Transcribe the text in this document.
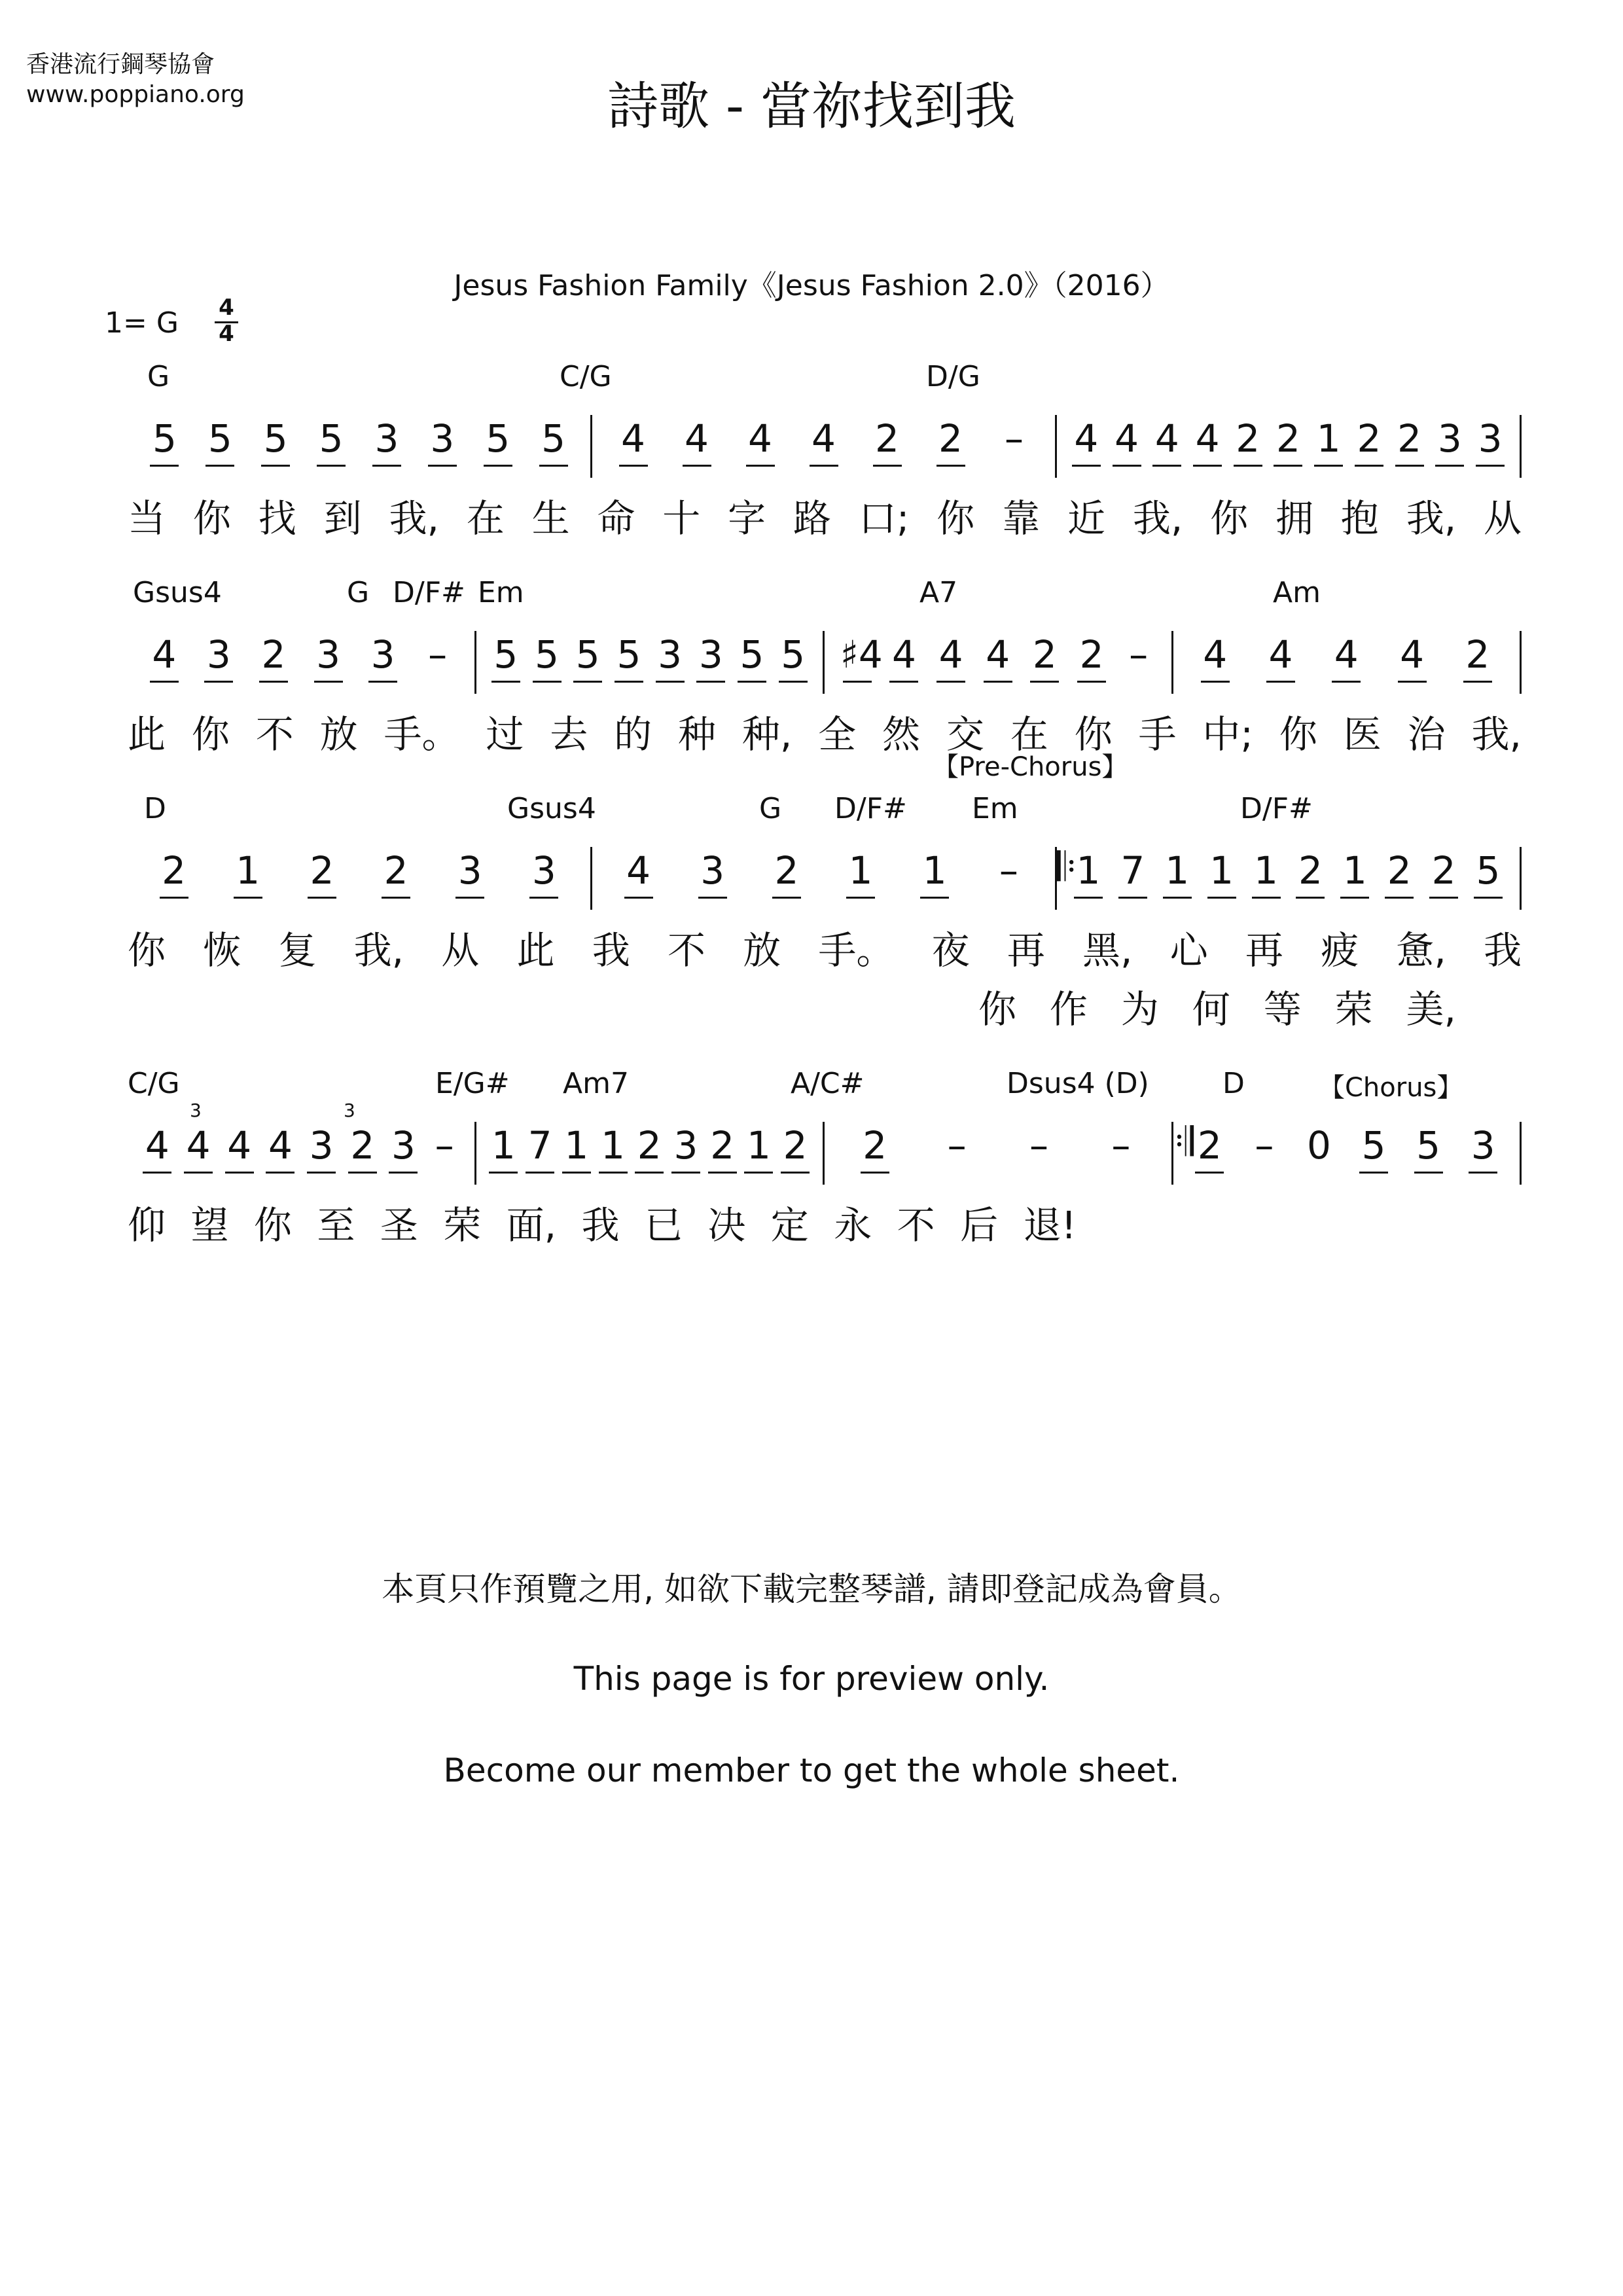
香港流行鋼琴協會
www.poppiano.org	詩歌 - 當祢找到我
Jesus Fashion Family《Jesus Fashion 2.0》（2016）
1= G 4
4
G	C/G	D/G
5 5 5 5 3 3 5 5 4 4 4 4 2 2 – 4 4 4 4 2 2 1 2 2 3 3
当 你 找 到 我, 在 生 命 十 字 路 口; 你 靠 近 我, 你 拥 抱 我, 从
Gsus4	G D/F# Em	A7	Am
4 3 2 3 3 – 5 5 5 5 3 3 5 5 ♯4 4 4 4 2 2 – 4 4 4 4 2
此 你 不 放 手。 过 去 的 种 种, 全 然 交 在 你 手 中; 你 医 治 我,
【Pre-Chorus】
D	Gsus4	G D/F# Em	D/F#
2 1 2 2 3 3 4 3 2 1 1 – 1 7 1 1 1 2 1 2 2 5
𝄆
你 恢 复 我, 从 此 我 不 放 手。 夜 再 黑, 心 再 疲 惫, 我
你 作 为 何 等 荣 美,
【Chorus】
C/G	E/G# Am7	A/C#	Dsus4 (D)	D
4 4 4 4 3 2 3 – 1 7 1 1 2 3 2 1 2 2 – – – 2 – 0 5 5 3
𝄇
3	3
仰 望 你 至 圣 荣 面, 我 已 决 定 永 不 后 退!
本頁只作預覽之用, 如欲下載完整琴譜, 請即登記成為會員。
This page is for preview only.
Become our member to get the whole sheet.
